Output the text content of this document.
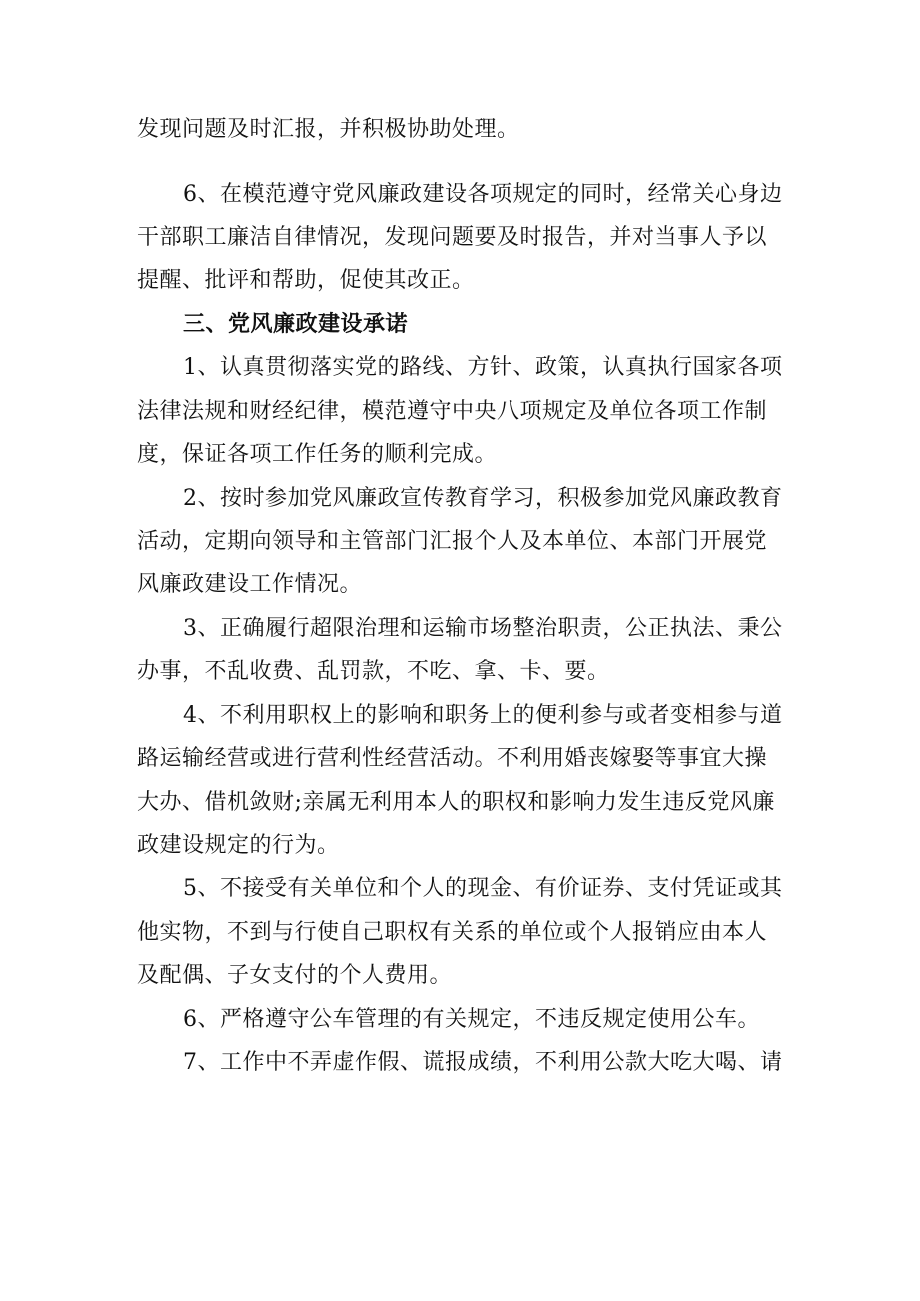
发现问题及时汇报，并积极协助处理。
6、在模范遵守党风廉政建设各项规定的同时，经常关心身边
干部职工廉洁自律情况，发现问题要及时报告，并对当事人予以
提醒、批评和帮助，促使其改正。
三、党风廉政建设承诺
1、认真贯彻落实党的路线、方针、政策，认真执行国家各项
法律法规和财经纪律，模范遵守中央八项规定及单位各项工作制
度，保证各项工作任务的顺利完成。
2、按时参加党风廉政宣传教育学习，积极参加党风廉政教育
活动，定期向领导和主管部门汇报个人及本单位、本部门开展党
风廉政建设工作情况。
3、正确履行超限治理和运输市场整治职责，公正执法、秉公
办事，不乱收费、乱罚款，不吃、拿、卡、要。
4、不利用职权上的影响和职务上的便利参与或者变相参与道
路运输经营或进行营利性经营活动。不利用婚丧嫁娶等事宜大操
大办、借机敛财;亲属无利用本人的职权和影响力发生违反党风廉
政建设规定的行为。
5、不接受有关单位和个人的现金、有价证券、支付凭证或其
他实物，不到与行使自己职权有关系的单位或个人报销应由本人
及配偶、子女支付的个人费用。
6、严格遵守公车管理的有关规定，不违反规定使用公车。
7、工作中不弄虚作假、谎报成绩，不利用公款大吃大喝、请
